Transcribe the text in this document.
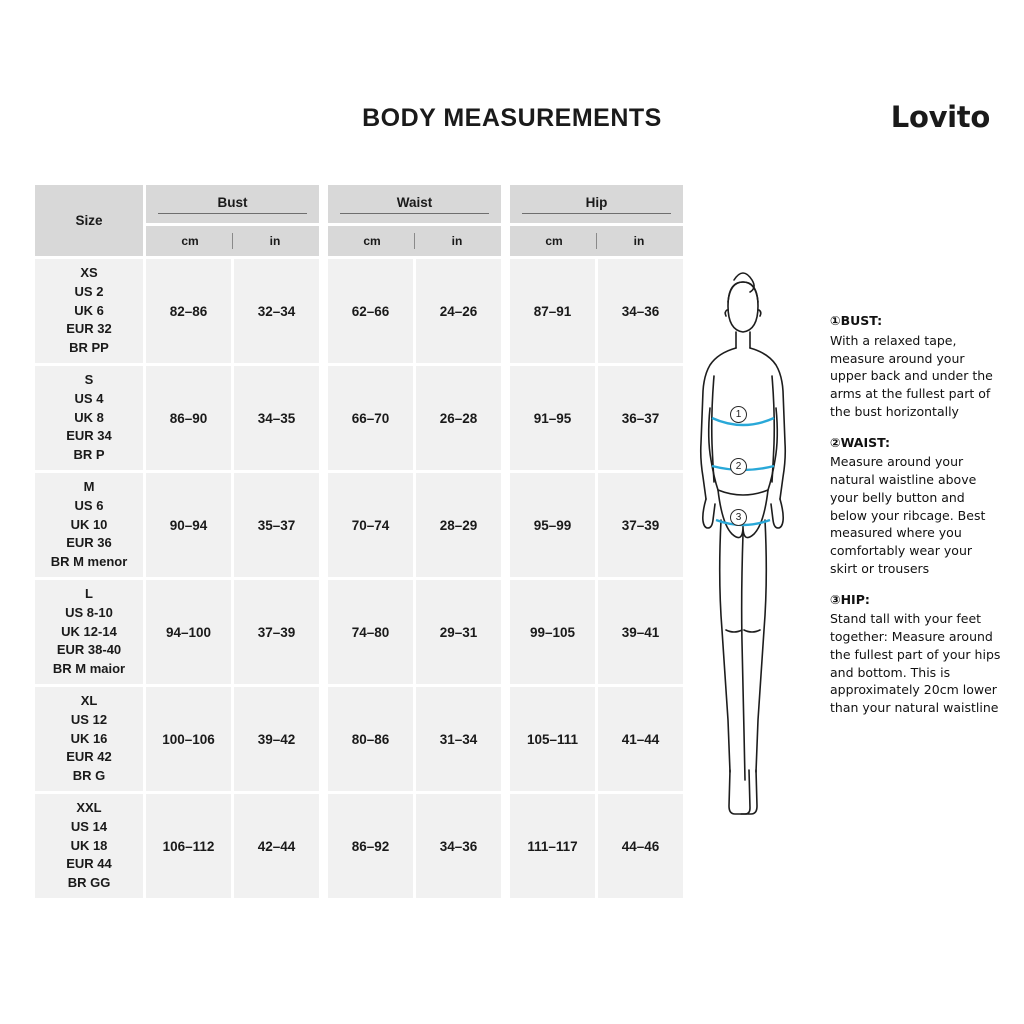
BODY MEASUREMENTS	Lovito
Size	Bust			Waist			Hip	

	cm in			cm in			cm in	

XS
US 2
UK 6
EUR 32
BR PP	82–86	32–34		62–66	24–26		87–91	34–36

S
US 4
UK 8
EUR 34
BR P	86–90	34–35		66–70	26–28		91–95	36–37

M
US 6
UK 10
EUR 36
BR M menor	90–94	35–37		70–74	28–29		95–99	37–39

L
US 8-10
UK 12-14
EUR 38-40
BR M maior	94–100	37–39		74–80	29–31		99–105	39–41

XL
US 12
UK 16
EUR 42
BR G	100–106	39–42		80–86	31–34		105–111	41–44

XXL
US 14
UK 18
EUR 44
BR GG	106–112	42–44		86–92	34–36		111–117	44–46
1
2
3
①BUST:
With a relaxed tape, measure around your upper back and under the arms at the fullest part of the bust horizontally
②WAIST:
Measure around your natural waistline above your belly button and below your ribcage. Best measured where you comfortably wear your skirt or trousers
③HIP:
Stand tall with your feet together: Measure around the fullest part of your hips and bottom. This is approximately 20cm lower than your natural waistline
